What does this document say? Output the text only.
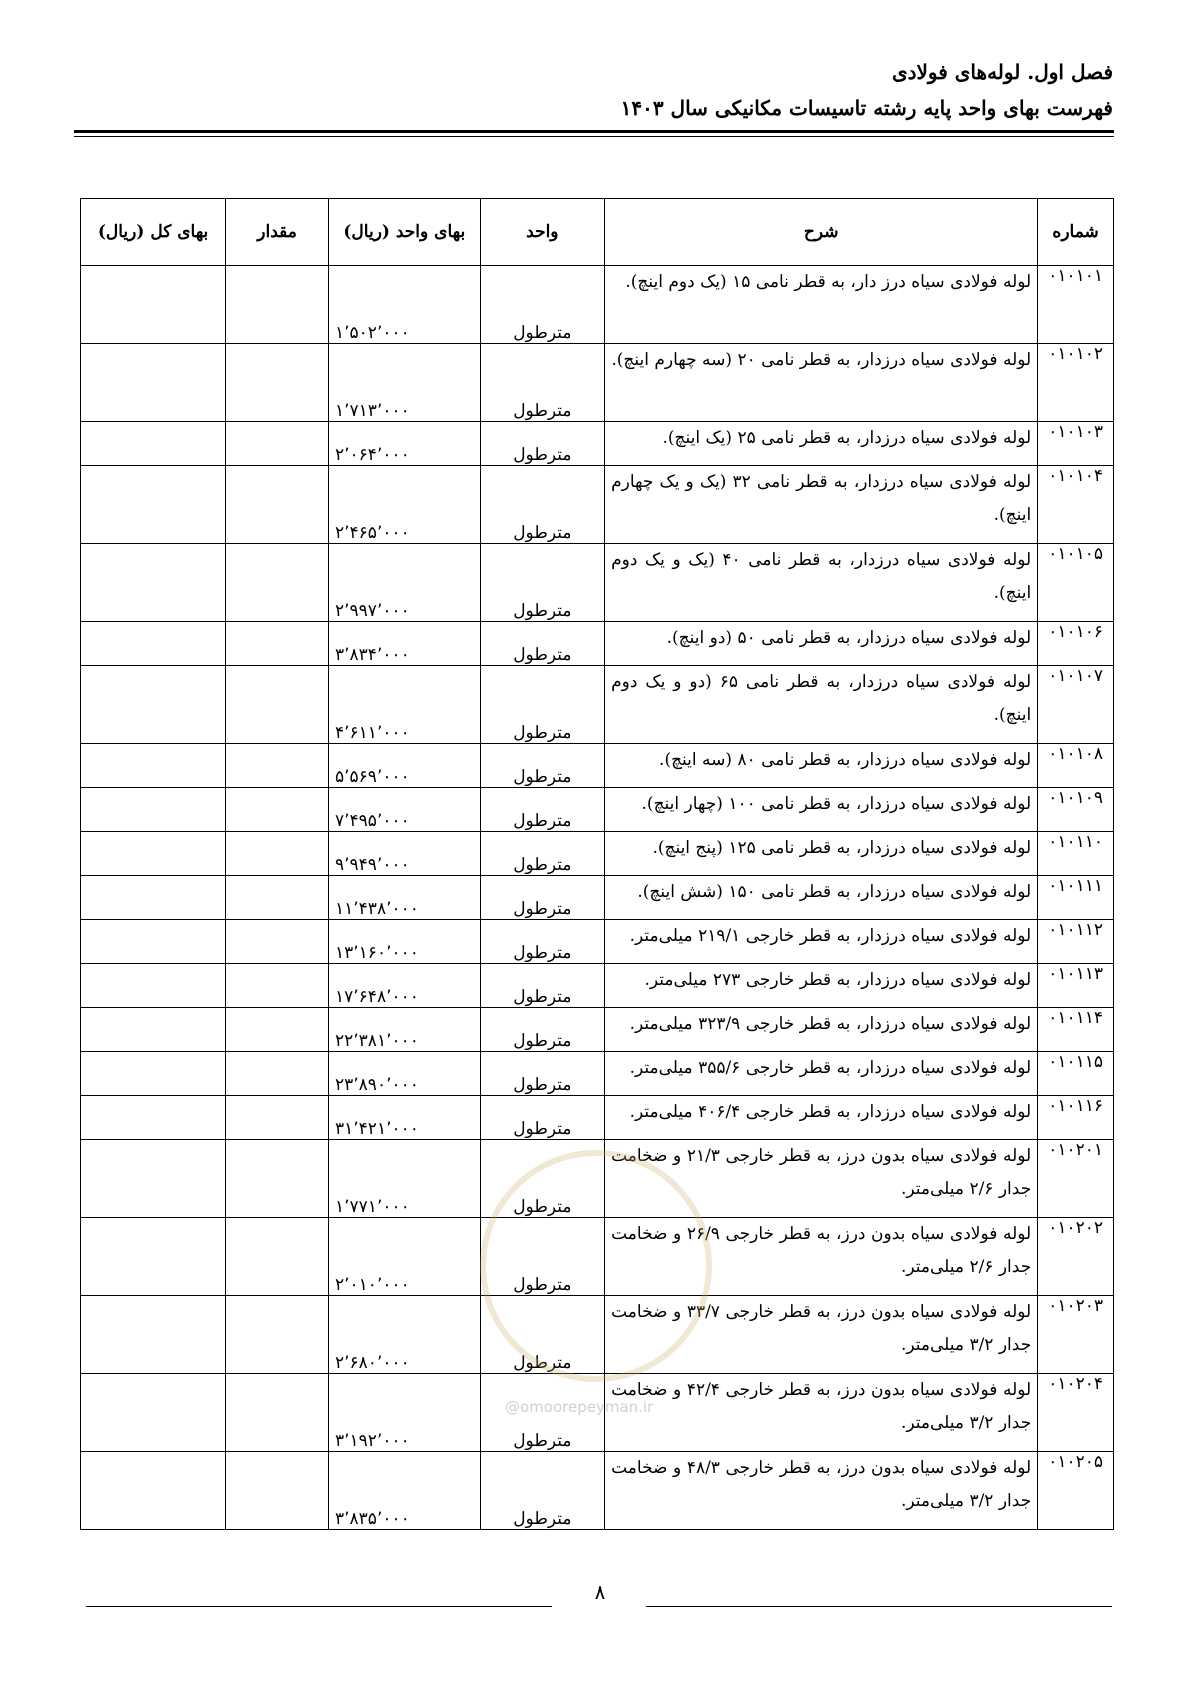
فصل اول. لوله‌های فولادی
فهرست بهای واحد پایه رشته تاسیسات مکانیکی سال ۱۴۰۳
شماره	شرح	واحد	بهای واحد (ریال)	مقدار	بهای کل (ریال)
۰۱۰۱۰۱	لوله فولادی سیاه درز دار، به قطر نامی ۱۵ (یک دوم اینچ).	مترطول	۱٬۵۰۲٬۰۰۰		
۰۱۰۱۰۲	لوله فولادی سیاه درزدار، به قطر نامی ۲۰ (سه چهارم اینچ).	مترطول	۱٬۷۱۳٬۰۰۰		
۰۱۰۱۰۳	لوله فولادی سیاه درزدار، به قطر نامی ۲۵ (یک اینچ).	مترطول	۲٬۰۶۴٬۰۰۰		
۰۱۰۱۰۴	لوله فولادی سیاه درزدار، به قطر نامی ۳۲ (یک و یک چهارم اینچ).	مترطول	۲٬۴۶۵٬۰۰۰		
۰۱۰۱۰۵	لوله فولادی سیاه درزدار، به قطر نامی ۴۰ (یک و یک دوم اینچ).	مترطول	۲٬۹۹۷٬۰۰۰		
۰۱۰۱۰۶	لوله فولادی سیاه درزدار، به قطر نامی ۵۰ (دو اینچ).	مترطول	۳٬۸۳۴٬۰۰۰		
۰۱۰۱۰۷	لوله فولادی سیاه درزدار، به قطر نامی ۶۵ (دو و یک دوم اینچ).	مترطول	۴٬۶۱۱٬۰۰۰		
۰۱۰۱۰۸	لوله فولادی سیاه درزدار، به قطر نامی ۸۰ (سه اینچ).	مترطول	۵٬۵۶۹٬۰۰۰		
۰۱۰۱۰۹	لوله فولادی سیاه درزدار، به قطر نامی ۱۰۰ (چهار اینچ).	مترطول	۷٬۴۹۵٬۰۰۰		
۰۱۰۱۱۰	لوله فولادی سیاه درزدار، به قطر نامی ۱۲۵ (پنج اینچ).	مترطول	۹٬۹۴۹٬۰۰۰		
۰۱۰۱۱۱	لوله فولادی سیاه درزدار، به قطر نامی ۱۵۰ (شش اینچ).	مترطول	۱۱٬۴۳۸٬۰۰۰		
۰۱۰۱۱۲	لوله فولادی سیاه درزدار، به قطر خارجی ۲۱۹/۱ میلی‌متر.	مترطول	۱۳٬۱۶۰٬۰۰۰		
۰۱۰۱۱۳	لوله فولادی سیاه درزدار، به قطر خارجی ۲۷۳ میلی‌متر.	مترطول	۱۷٬۶۴۸٬۰۰۰		
۰۱۰۱۱۴	لوله فولادی سیاه درزدار، به قطر خارجی ۳۲۳/۹ میلی‌متر.	مترطول	۲۲٬۳۸۱٬۰۰۰		
۰۱۰۱۱۵	لوله فولادی سیاه درزدار، به قطر خارجی ۳۵۵/۶ میلی‌متر.	مترطول	۲۳٬۸۹۰٬۰۰۰		
۰۱۰۱۱۶	لوله فولادی سیاه درزدار، به قطر خارجی ۴۰۶/۴ میلی‌متر.	مترطول	۳۱٬۴۲۱٬۰۰۰		
۰۱۰۲۰۱	لوله فولادی سیاه بدون درز، به قطر خارجی ۲۱/۳ و ضخامت جدار ۲/۶ میلی‌متر.	مترطول	۱٬۷۷۱٬۰۰۰		
۰۱۰۲۰۲	لوله فولادی سیاه بدون درز، به قطر خارجی ۲۶/۹ و ضخامت جدار ۲/۶ میلی‌متر.	مترطول	۲٬۰۱۰٬۰۰۰		
۰۱۰۲۰۳	لوله فولادی سیاه بدون درز، به قطر خارجی ۳۳/۷ و ضخامت جدار ۳/۲ میلی‌متر.	مترطول	۲٬۶۸۰٬۰۰۰		
۰۱۰۲۰۴	لوله فولادی سیاه بدون درز، به قطر خارجی ۴۲/۴ و ضخامت جدار ۳/۲ میلی‌متر.	مترطول	۳٬۱۹۲٬۰۰۰		
۰۱۰۲۰۵	لوله فولادی سیاه بدون درز، به قطر خارجی ۴۸/۳ و ضخامت جدار ۳/۲ میلی‌متر.	مترطول	۳٬۸۳۵٬۰۰۰		
@omoorepeyman.ir
۸
